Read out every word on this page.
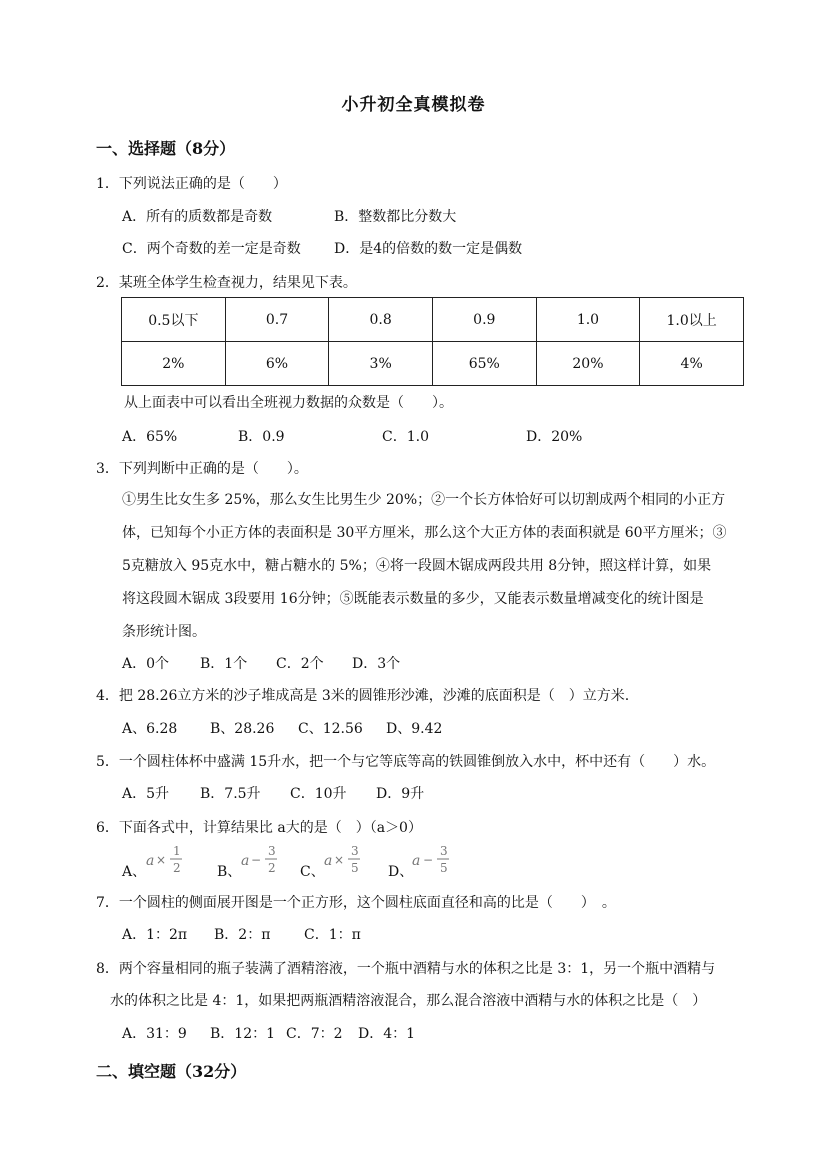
小升初全真模拟卷
一、选择题（8分）
1．下列说法正确的是（　　）
A．所有的质数都是奇数	B．整数都比分数大
C．两个奇数的差一定是奇数 D．是4的倍数的数一定是偶数
2．某班全体学生检查视力，结果见下表。
0.5以下	0.7	0.8	0.9	1.0	1.0以上
2%	6%	3%	65%	20%	4%
从上面表中可以看出全班视力数据的众数是（　　）。
A．65%	B．0.9	C．1.0	D．20%
3．下列判断中正确的是（　　）。
①男生比女生多 25%，那么女生比男生少 20%；②一个长方体恰好可以切割成两个相同的小正方
体，已知每个小正方体的表面积是 30平方厘米，那么这个大正方体的表面积就是 60平方厘米；③
5克糖放入 95克水中，糖占糖水的 5%；④将一段圆木锯成两段共用 8分钟，照这样计算，如果
将这段圆木锯成 3段要用 16分钟；⑤既能表示数量的多少，又能表示数量增减变化的统计图是
条形统计图。
A．0个 B．1个 C．2个 D．3个
4．把 28.26立方米的沙子堆成高是 3米的圆锥形沙滩，沙滩的底面积是（　）立方米.
A、6.28 B、28.26 C、12.56 D、9.42
5．一个圆柱体杯中盛满 15升水，把一个与它等底等高的铁圆锥倒放入水中，杯中还有（　　）水。
A．5升 B．7.5升 C．10升 D．9升
6．下面各式中，计算结果比 a大的是（　）（a＞0）
A、
a ×
1
2	B、
a −
3
2 C、
a ×
3
5 D、
a −
3
5
7．一个圆柱的侧面展开图是一个正方形，这个圆柱底面直径和高的比是（　　）　。
A．1：2π B．2：π C．1：π
8．两个容量相同的瓶子装满了酒精溶液，一个瓶中酒精与水的体积之比是 3：1，另一个瓶中酒精与
水的体积之比是 4：1，如果把两瓶酒精溶液混合，那么混合溶液中酒精与水的体积之比是（　）
A．31：9 B．12：1 C．7：2 D．4：1
二、填空题（32分）
